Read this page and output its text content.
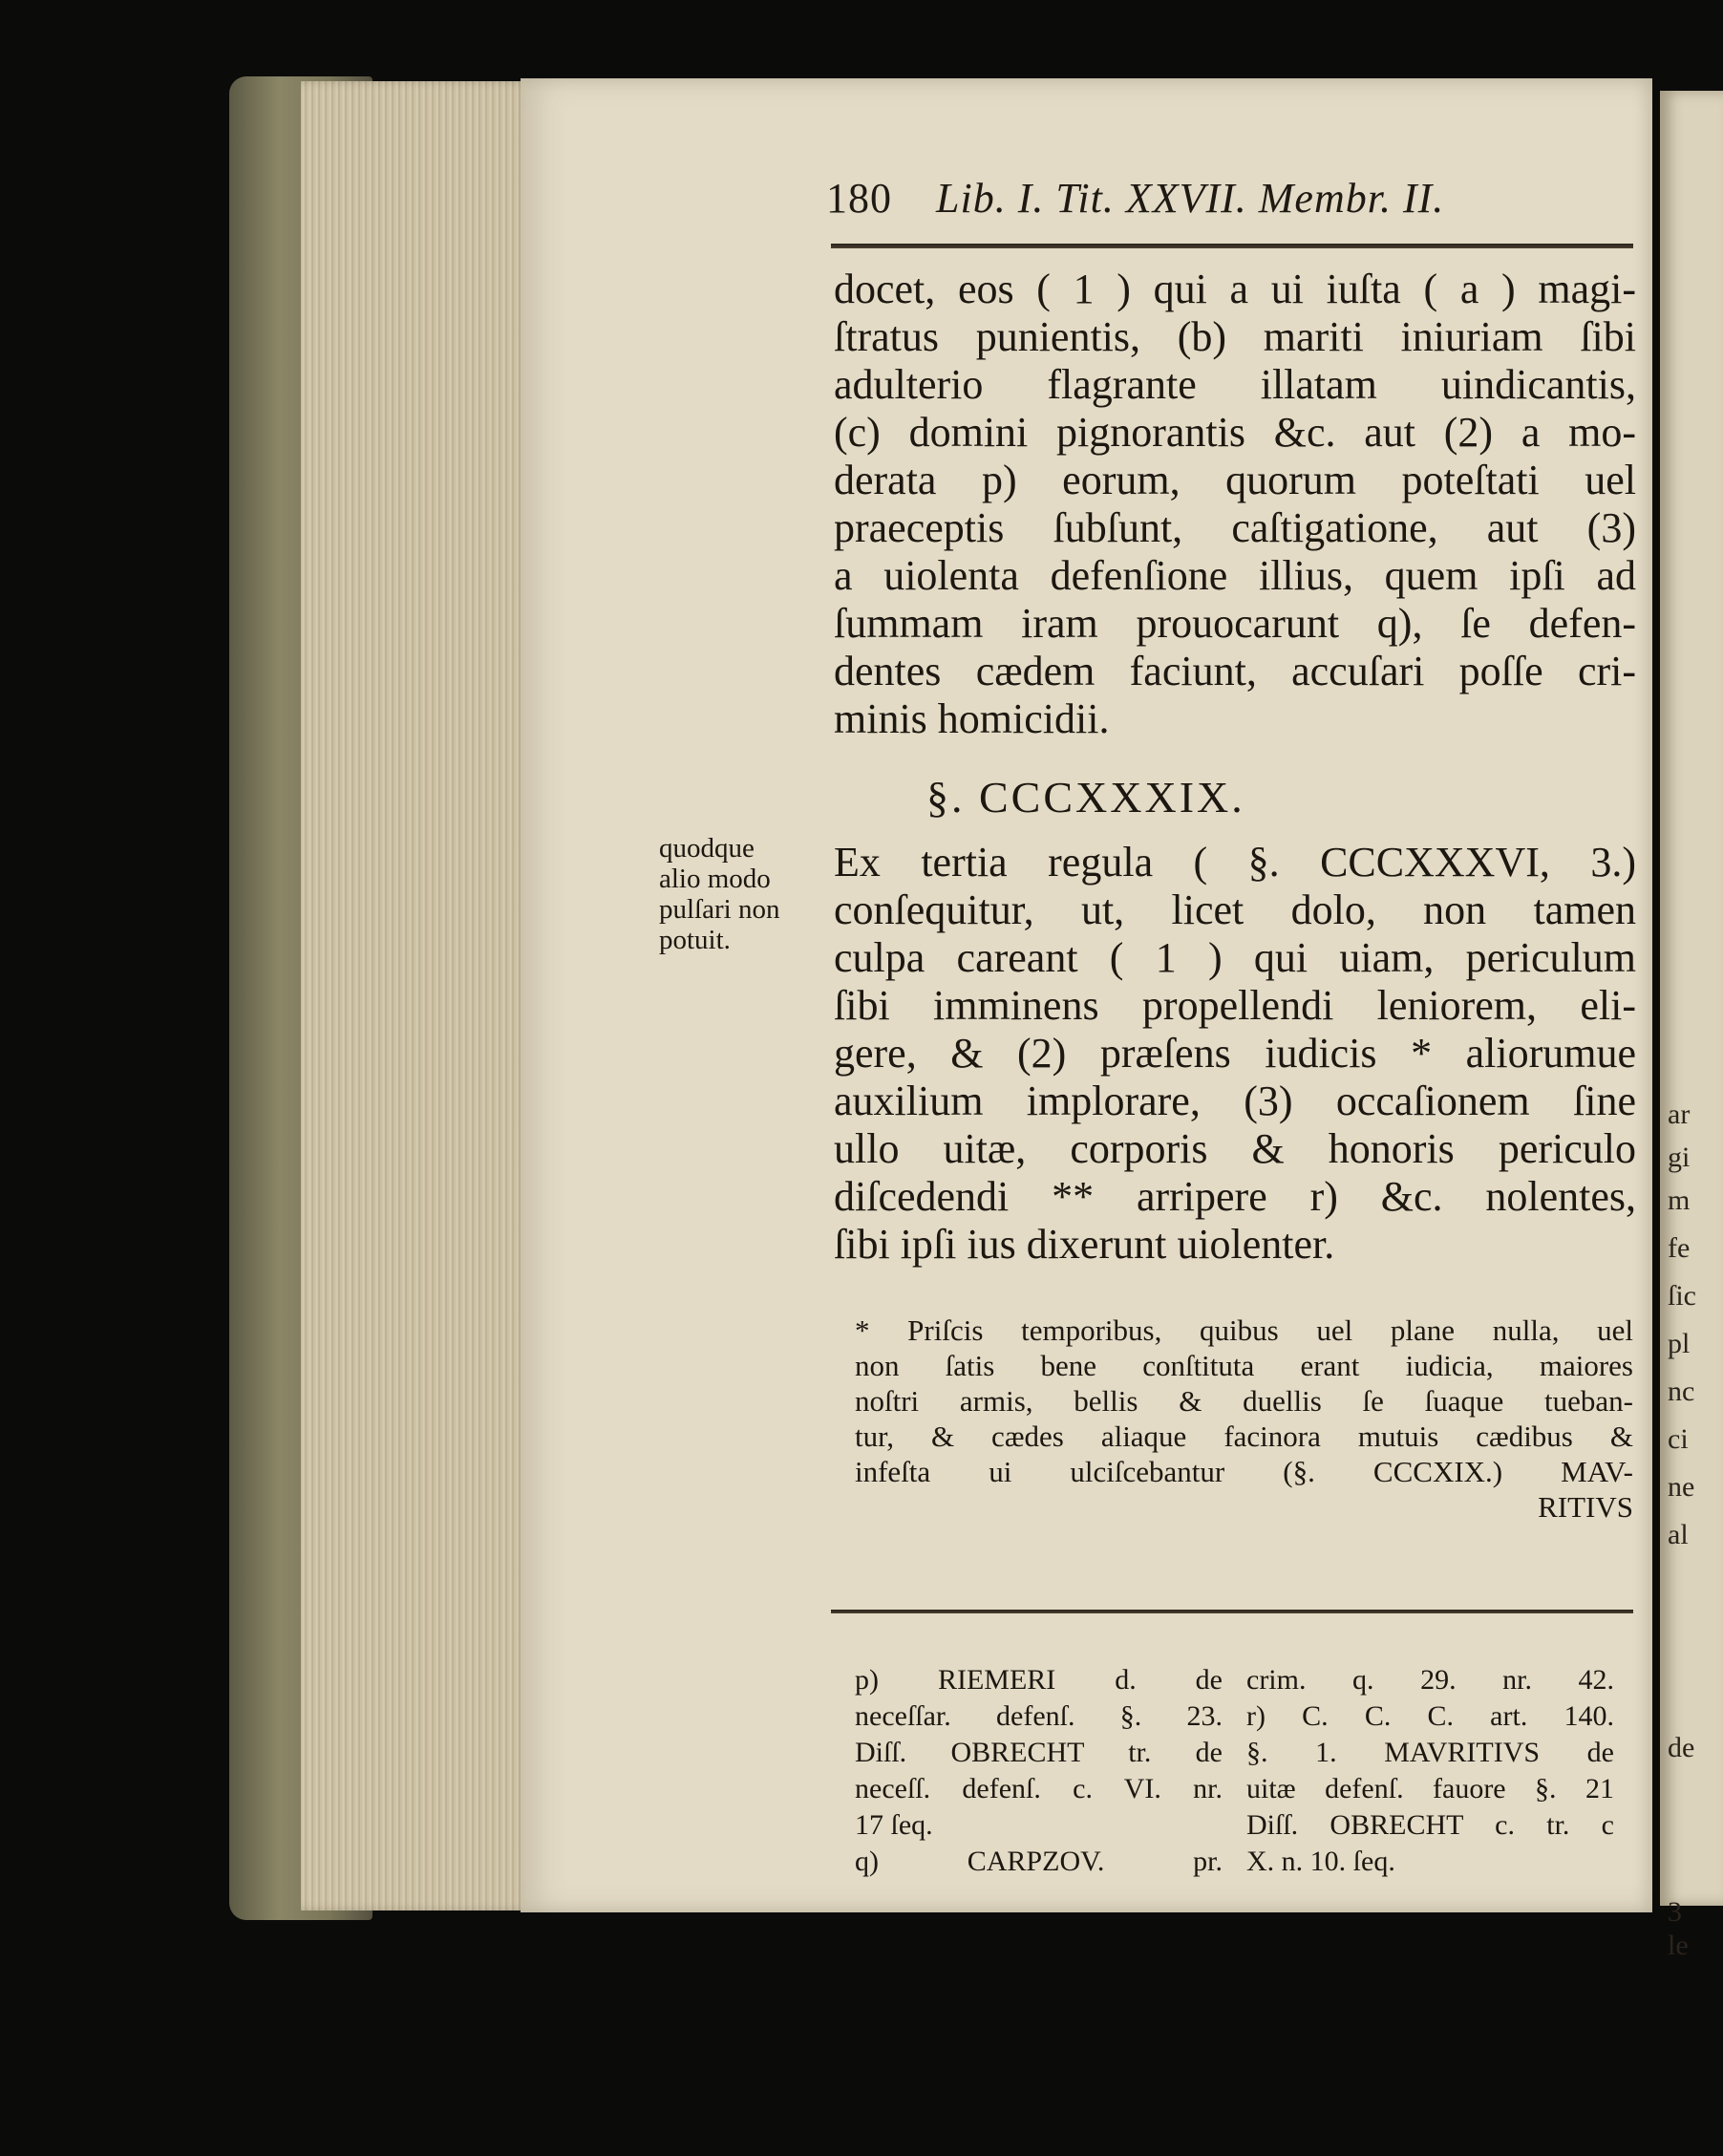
ar
gi
m
fe
ſic
pl
nc
ci
ne
al
de
3
le
180 Lib. I. Tit. XXVII. Membr. II.
docet, eos ( 1 ) qui a ui iuſta ( a ) magi-
ſtratus punientis, (b) mariti iniuriam ſibi
adulterio flagrante illatam uindicantis,
(c) domini pignorantis &c. aut (2) a mo-
derata p) eorum, quorum poteſtati uel
praeceptis ſubſunt, caſtigatione, aut (3)
a uiolenta defenſione illius, quem ipſi ad
ſummam iram prouocarunt q), ſe defen-
dentes cædem faciunt, accuſari poſſe cri-
minis homicidii.
§. CCCXXXIX.
quodque
alio modo
pulſari non
potuit.
Ex tertia regula ( §. CCCXXXVI, 3.)
conſequitur, ut, licet dolo, non tamen
culpa careant ( 1 ) qui uiam, periculum
ſibi imminens propellendi leniorem, eli-
gere, & (2) præſens iudicis * aliorumue
auxilium implorare, (3) occaſionem ſine
ullo uitæ, corporis & honoris periculo
diſcedendi ** arripere r) &c. nolentes,
ſibi ipſi ius dixerunt uiolenter.
* Priſcis temporibus, quibus uel plane nulla, uel
non ſatis bene conſtituta erant iudicia, maiores
noſtri armis, bellis & duellis ſe ſuaque tueban-
tur, & cædes aliaque facinora mutuis cædibus &
infeſta ui ulciſcebantur (§. CCCXIX.) MAV-
RITIVS
p) RIEMERI d. de
neceſſar. defenſ. §. 23.
Diſſ. OBRECHT tr. de
neceſſ. defenſ. c. VI. nr.
17 ſeq.
q) CARPZOV. pr.
crim. q. 29. nr. 42.
r) C. C. C. art. 140.
§. 1. MAVRITIVS de
uitæ defenſ. fauore §. 21
Diſſ. OBRECHT c. tr. c
X. n. 10. ſeq.
